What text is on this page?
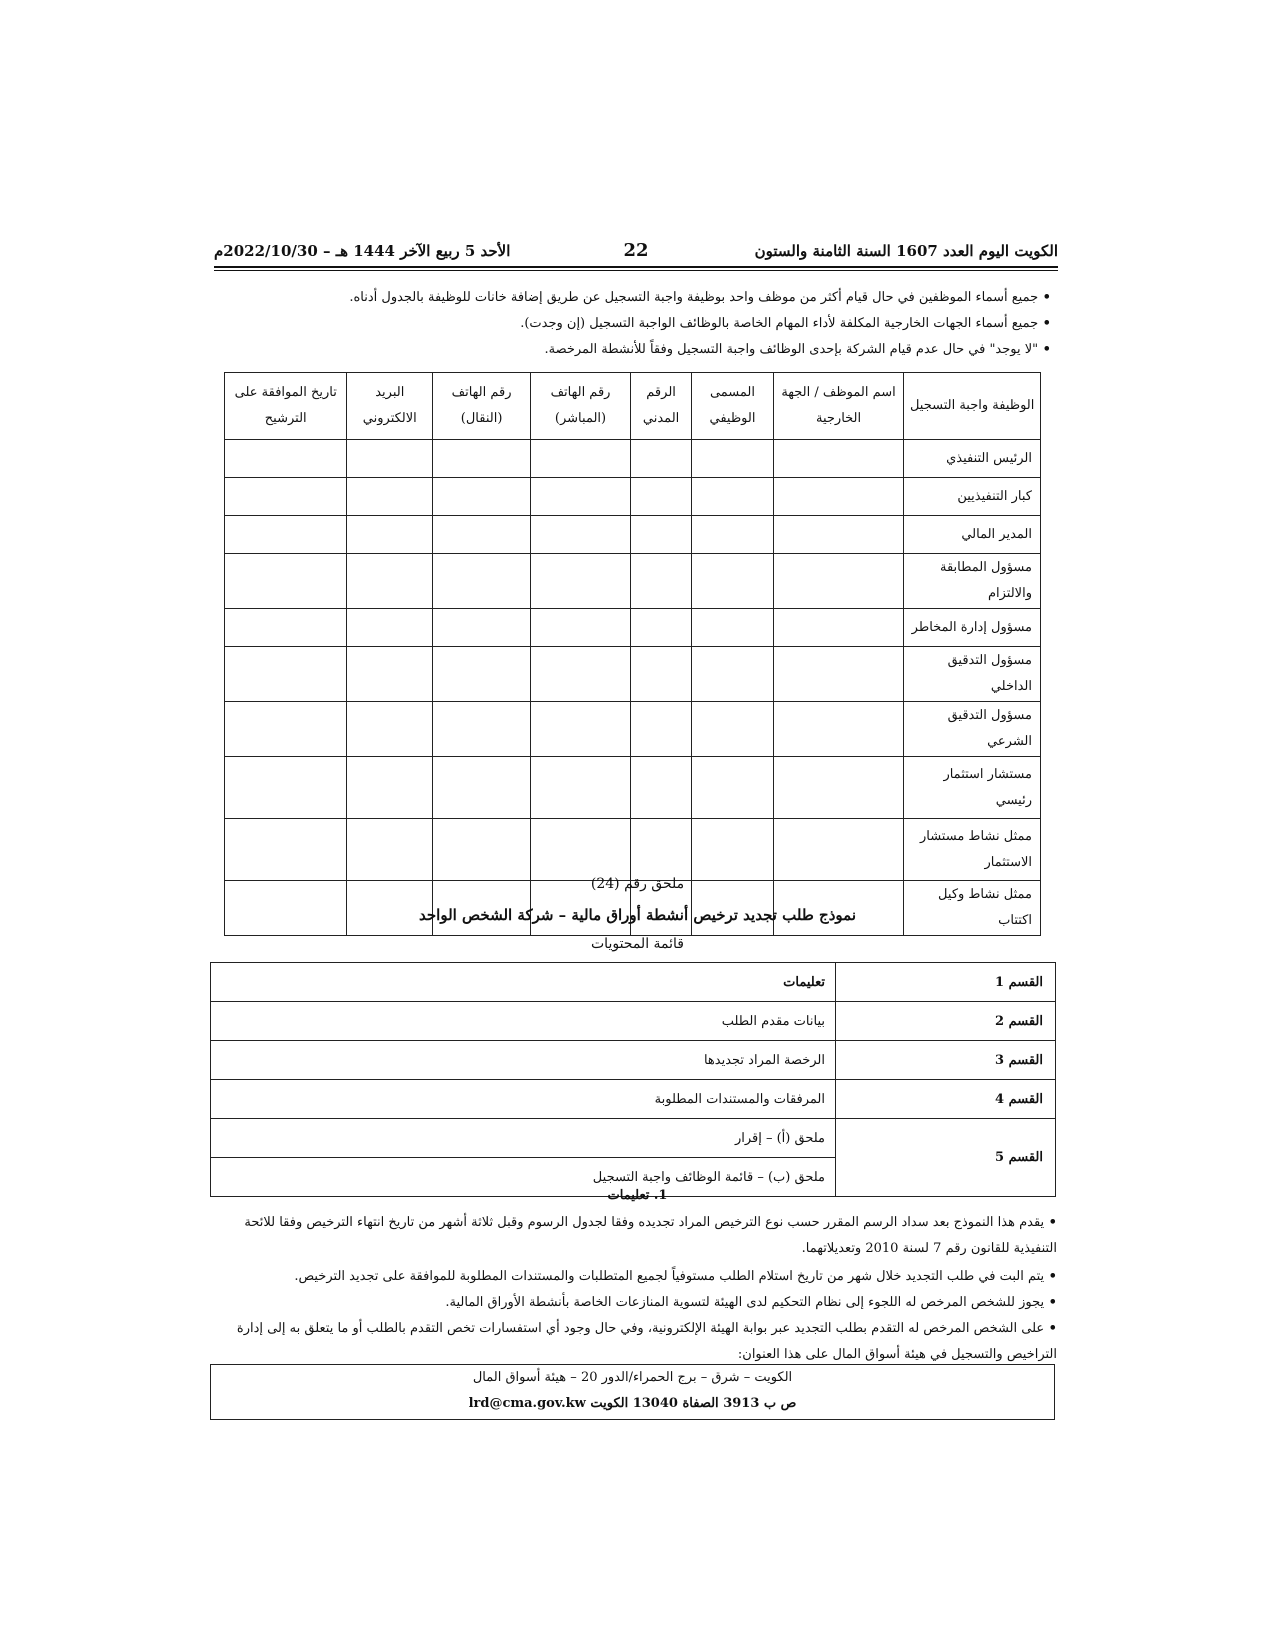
الكويت اليوم العدد 1607 السنة الثامنة والستون
22
الأحد 5 ربيع الآخر 1444 هـ – 2022/10/30م
• جميع أسماء الموظفين في حال قيام أكثر من موظف واحد بوظيفة واجبة التسجيل عن طريق إضافة خانات للوظيفة بالجدول أدناه.
• جميع أسماء الجهات الخارجية المكلفة لأداء المهام الخاصة بالوظائف الواجبة التسجيل (إن وجدت).
• "لا يوجد" في حال عدم قيام الشركة بإحدى الوظائف واجبة التسجيل وفقاً للأنشطة المرخصة.
الوظيفة واجبة التسجيل	اسم الموظف / الجهة الخارجية	المسمى الوظيفي	الرقم المدني	رقم الهاتف (المباشر)	رقم الهاتف (النقال)	البريد الالكتروني	تاريخ الموافقة على الترشيح
الرئيس التنفيذي							
كبار التنفيذيين							
المدير المالي							
مسؤول المطابقة والالتزام							
مسؤول إدارة المخاطر							
مسؤول التدقيق الداخلي							
مسؤول التدقيق الشرعي							
مستشار استثمار رئيسي							
ممثل نشاط مستشار الاستثمار							
ممثل نشاط وكيل اكتتاب							
ملحق رقم (24)
نموذج طلب تجديد ترخيص أنشطة أوراق مالية – شركة الشخص الواحد
قائمة المحتويات
القسم 1	تعليمات
القسم 2	بيانات مقدم الطلب
القسم 3	الرخصة المراد تجديدها
القسم 4	المرفقات والمستندات المطلوبة
القسم 5	ملحق (أ) – إقرار
	ملحق (ب) – قائمة الوظائف واجبة التسجيل
1. تعليمات
• يقدم هذا النموذج بعد سداد الرسم المقرر حسب نوع الترخيص المراد تجديده وفقا لجدول الرسوم وقبل ثلاثة أشهر من تاريخ انتهاء الترخيص وفقا للائحة التنفيذية للقانون رقم 7 لسنة 2010 وتعديلاتهما.
• يتم البت في طلب التجديد خلال شهر من تاريخ استلام الطلب مستوفياً لجميع المتطلبات والمستندات المطلوبة للموافقة على تجديد الترخيص.
• يجوز للشخص المرخص له اللجوء إلى نظام التحكيم لدى الهيئة لتسوية المنازعات الخاصة بأنشطة الأوراق المالية.
• على الشخص المرخص له التقدم بطلب التجديد عبر بوابة الهيئة الإلكترونية، وفي حال وجود أي استفسارات تخص التقدم بالطلب أو ما يتعلق به إلى إدارة التراخيص والتسجيل في هيئة أسواق المال على هذا العنوان:
الكويت – شرق – برج الحمراء/الدور 20 – هيئة أسواق المال
ص ب 3913 الصفاة 13040 الكويت lrd@cma.gov.kw
